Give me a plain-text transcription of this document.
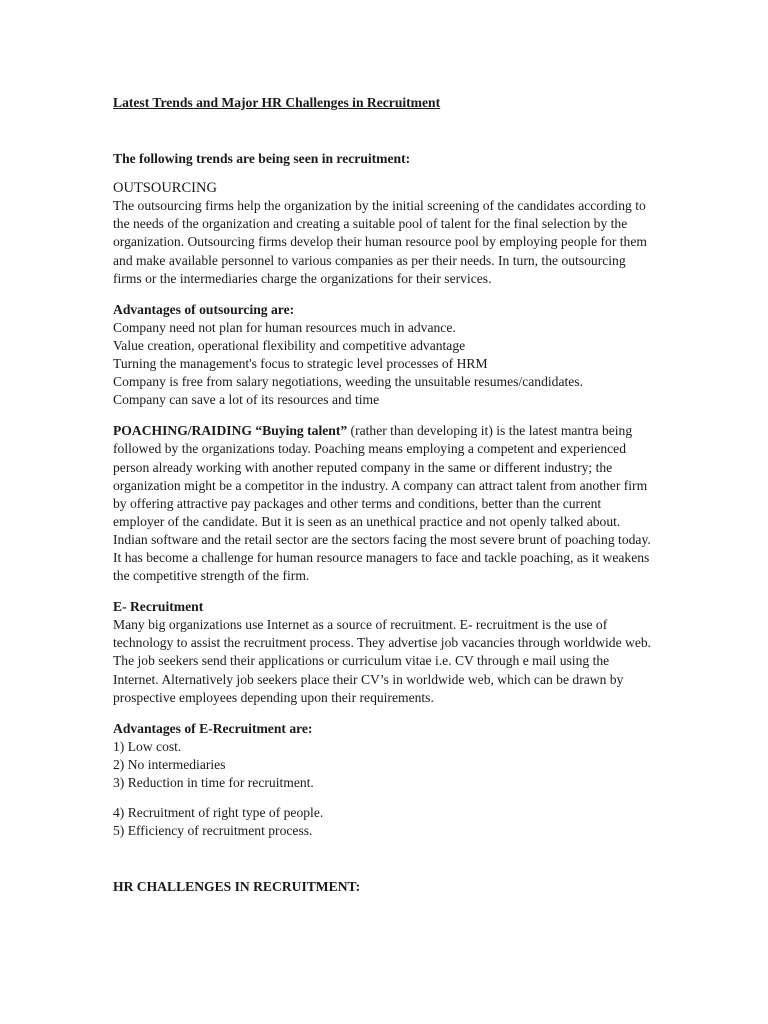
Latest Trends and Major HR Challenges in Recruitment

The following trends are being seen in recruitment:

OUTSOURCING
The outsourcing firms help the organization by the initial screening of the candidates according to the needs of the organization and creating a suitable pool of talent for the final selection by the organization. Outsourcing firms develop their human resource pool by employing people for them and make available personnel to various companies as per their needs. In turn, the outsourcing firms or the intermediaries charge the organizations for their services.
Advantages of outsourcing are:
Company need not plan for human resources much in advance.
Value creation, operational flexibility and competitive advantage
Turning the management's focus to strategic level processes of HRM
Company is free from salary negotiations, weeding the unsuitable resumes/candidates.
Company can save a lot of its resources and time
POACHING/RAIDING “Buying talent” (rather than developing it) is the latest mantra being followed by the organizations today. Poaching means employing a competent and experienced person already working with another reputed company in the same or different industry; the organization might be a competitor in the industry. A company can attract talent from another firm by offering attractive pay packages and other terms and conditions, better than the current employer of the candidate. But it is seen as an unethical practice and not openly talked about. Indian software and the retail sector are the sectors facing the most severe brunt of poaching today. It has become a challenge for human resource managers to face and tackle poaching, as it weakens the competitive strength of the firm.
E- Recruitment
Many big organizations use Internet as a source of recruitment. E- recruitment is the use of technology to assist the recruitment process. They advertise job vacancies through worldwide web. The job seekers send their applications or curriculum vitae i.e. CV through e mail using the Internet. Alternatively job seekers place their CV’s in worldwide web, which can be drawn by prospective employees depending upon their requirements.
Advantages of E-Recruitment are:
1) Low cost.
2) No intermediaries
3) Reduction in time for recruitment.
4) Recruitment of right type of people.
5) Efficiency of recruitment process.
HR CHALLENGES IN RECRUITMENT:
